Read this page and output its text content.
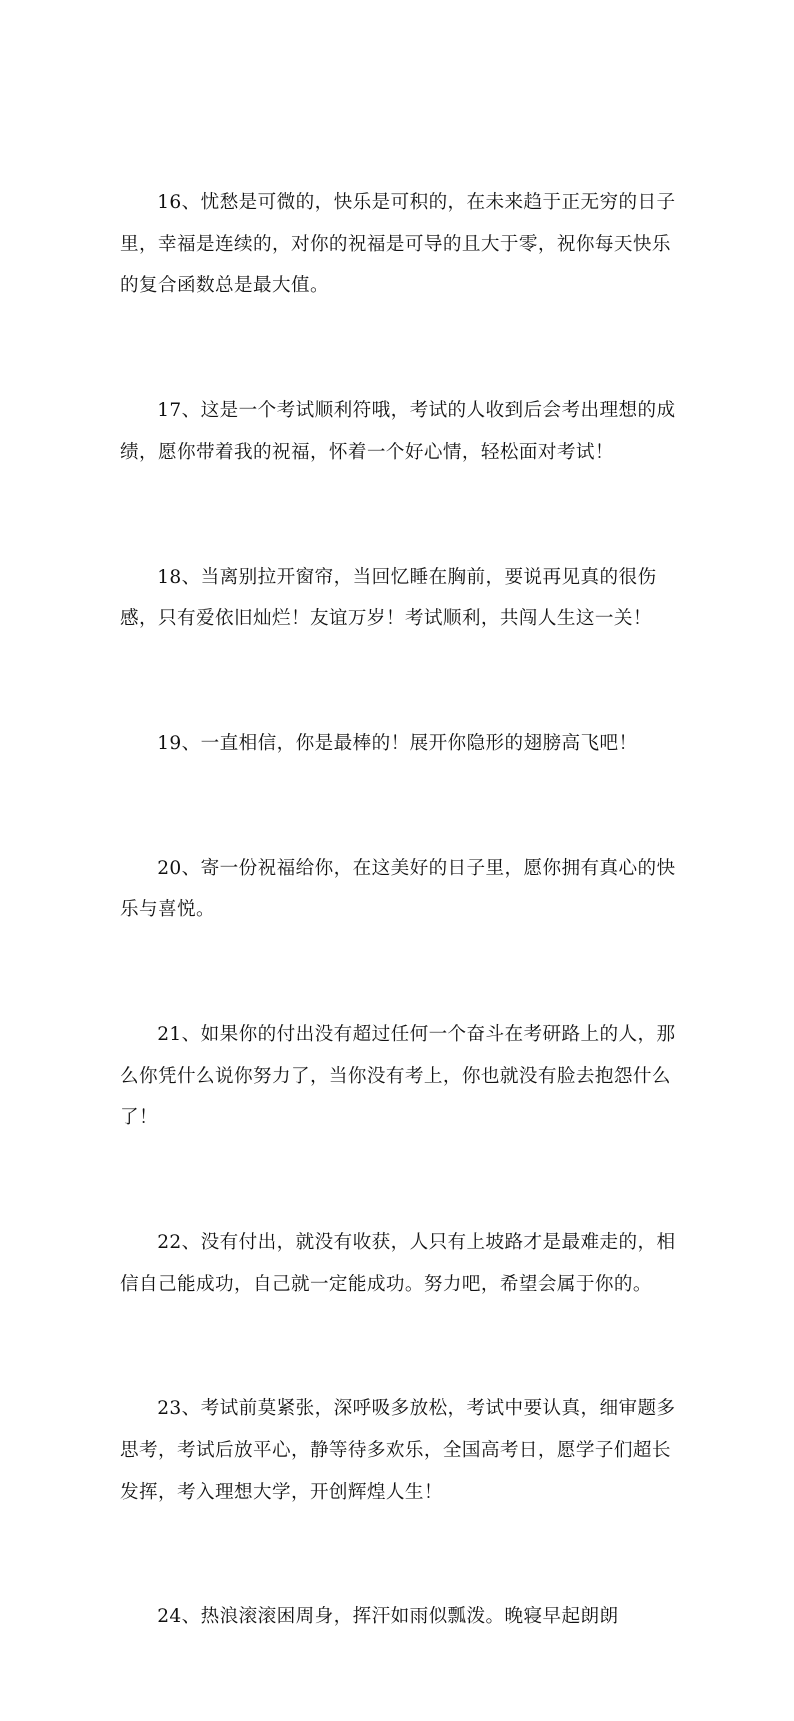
16、忧愁是可微的，快乐是可积的，在未来趋于正无穷的日子里，幸福是连续的，对你的祝福是可导的且大于零，祝你每天快乐的复合函数总是最大值。

17、这是一个考试顺利符哦，考试的人收到后会考出理想的成绩，愿你带着我的祝福，怀着一个好心情，轻松面对考试！

18、当离别拉开窗帘，当回忆睡在胸前，要说再见真的很伤感，只有爱依旧灿烂！友谊万岁！考试顺利，共闯人生这一关！

19、一直相信，你是最棒的！展开你隐形的翅膀高飞吧！

20、寄一份祝福给你，在这美好的日子里，愿你拥有真心的快乐与喜悦。

21、如果你的付出没有超过任何一个奋斗在考研路上的人，那么你凭什么说你努力了，当你没有考上，你也就没有脸去抱怨什么了！

22、没有付出，就没有收获，人只有上坡路才是最难走的，相信自己能成功，自己就一定能成功。努力吧，希望会属于你的。

23、考试前莫紧张，深呼吸多放松，考试中要认真，细审题多思考，考试后放平心，静等待多欢乐，全国高考日，愿学子们超长发挥，考入理想大学，开创辉煌人生！

24、热浪滚滚困周身，挥汗如雨似瓢泼。晚寝早起朗朗
